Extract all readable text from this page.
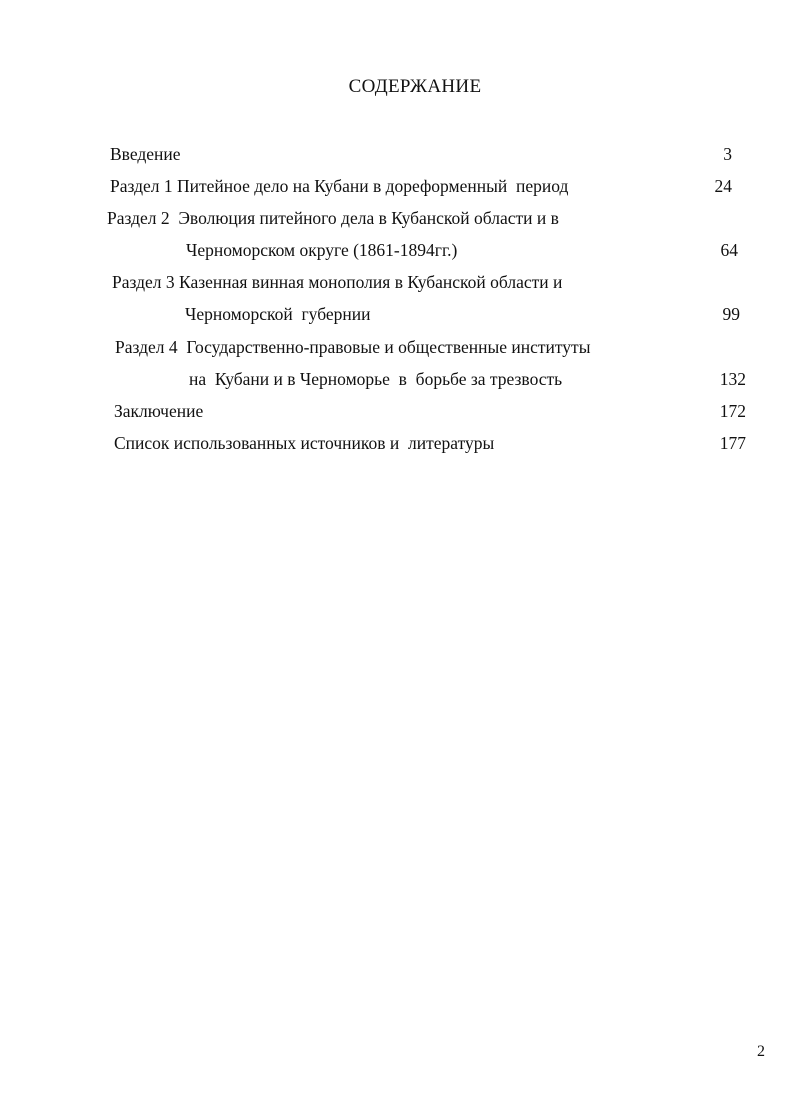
СОДЕРЖАНИЕ
Введение	3
Раздел 1 Питейное дело на Кубани в дореформенный  период	24
Раздел 2  Эволюция питейного дела в Кубанской области и в
Черноморском округе (1861-1894гг.)	64
Раздел 3 Казенная винная монополия в Кубанской области и
Черноморской  губернии	99
Раздел 4  Государственно-правовые и общественные институты
на  Кубани и в Черноморье  в  борьбе за трезвость	132
Заключение	172
Список использованных источников и  литературы	177
2
